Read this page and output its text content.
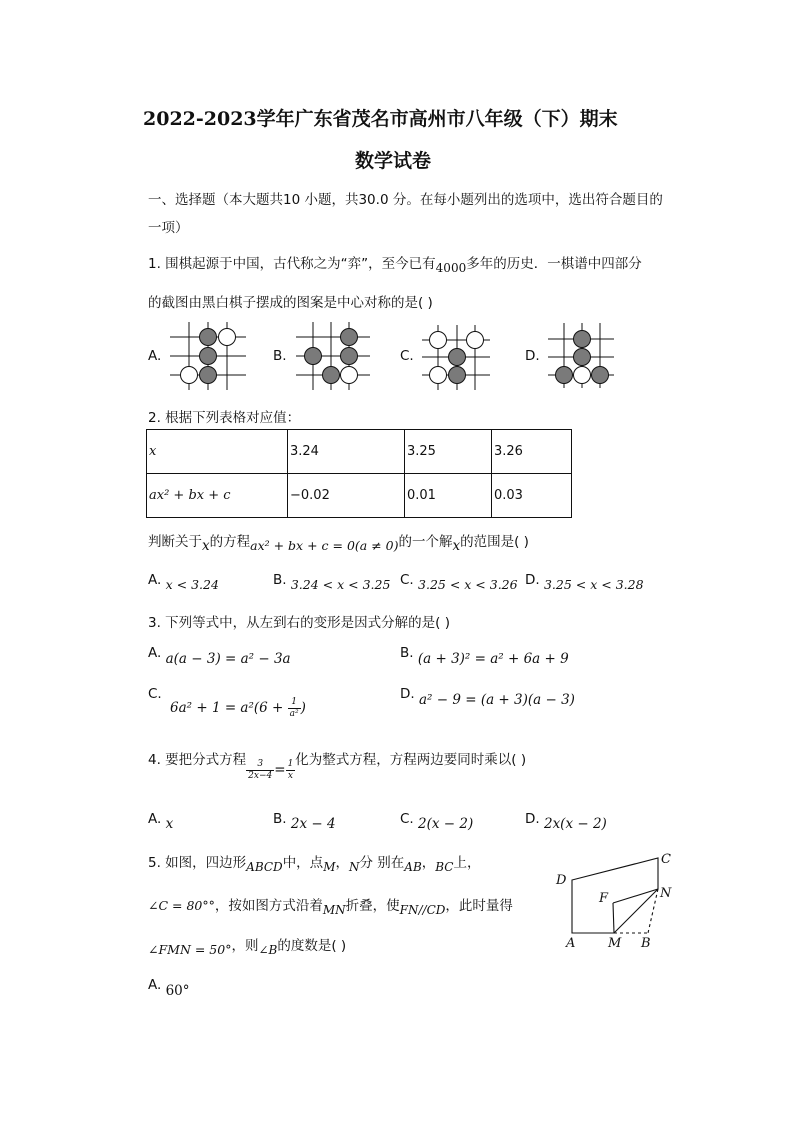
2022-2023学年广东省茂名市高州市八年级（下）期末
数学试卷
一、选择题（本大题共10 小题，共30.0 分。在每小题列出的选项中，选出符合题目的
一项）
1. 围棋起源于中国，古代称之为“弈”，至今已有4000多年的历史．一棋谱中四部分
的截图由黑白棋子摆成的图案是中心对称的是( )
A.	B.	C.	D.
2. 根据下列表格对应值：
x	3.24	3.25	3.26
ax² + bx + c	−0.02	0.01	0.03
判断关于x的方程ax² + bx + c = 0(a ≠ 0)的一个解x的范围是( )
A. x < 3.24	B. 3.24 < x < 3.25 C. 3.25 < x < 3.26 D. 3.25 < x < 3.28
3. 下列等式中，从左到右的变形是因式分解的是( )
A. a(a − 3) = a² − 3a	B. (a + 3)² = a² + 6a + 9
C.
$6a^2 + 1 = a^2(6 + \frac{1}{\text{a²}}$ )
D. a² − 9 = (a + 3)(a − 3)
4. 要把分式方程 $\frac{3}{2x-4} = \frac{1}{x}$ 化为整式方程，方程两边要同时乘以( )
A. x	B. 2x − 4	C. 2(x − 2)	D. 2x(x − 2)
5. 如图，四边形ABCD中，点M，N分 别在AB，BC上，
∠C = 80°°，按如图方式沿着MN折叠，使FN//CD，此时量得
∠FMN = 50°，则∠B的度数是( )	A	B
C
D
M
N
F
A. 60°
